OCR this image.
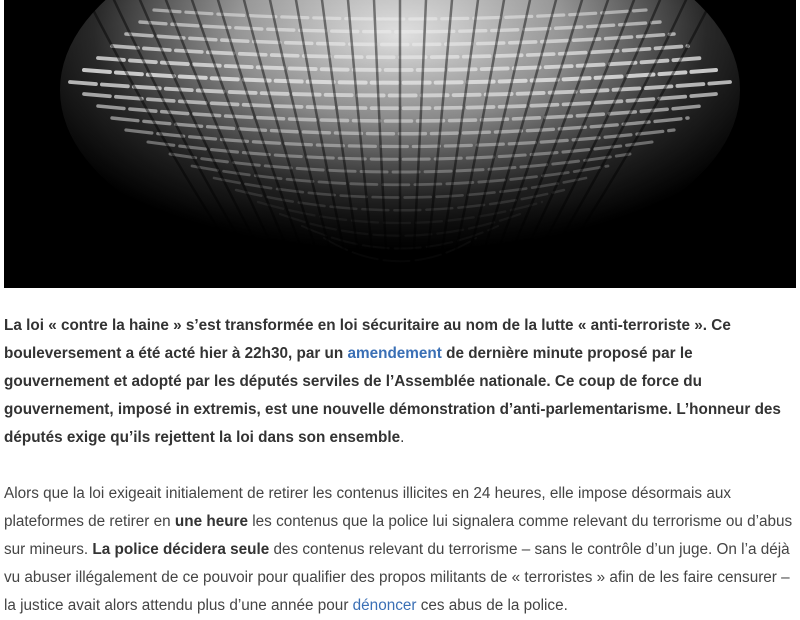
La loi « contre la haine » s’est transformée en loi sécuritaire au nom de la lutte « anti-terroriste ». Ce bouleversement a été acté hier à 22h30, par un amendement de dernière minute proposé par le gouvernement et adopté par les députés serviles de l’Assemblée nationale. Ce coup de force du gouvernement, imposé in extremis, est une nouvelle démonstration d’anti-parlementarisme. L’honneur des députés exige qu’ils rejettent la loi dans son ensemble.

Alors que la loi exigeait initialement de retirer les contenus illicites en 24 heures, elle impose désormais aux plateformes de retirer en une heure les contenus que la police lui signalera comme relevant du terrorisme ou d’abus sur mineurs. La police décidera seule des contenus relevant du terrorisme – sans le contrôle d’un juge. On l’a déjà vu abuser illégalement de ce pouvoir pour qualifier des propos militants de « terroristes » afin de les faire censurer – la justice avait alors attendu plus d’une année pour dénoncer ces abus de la police.
